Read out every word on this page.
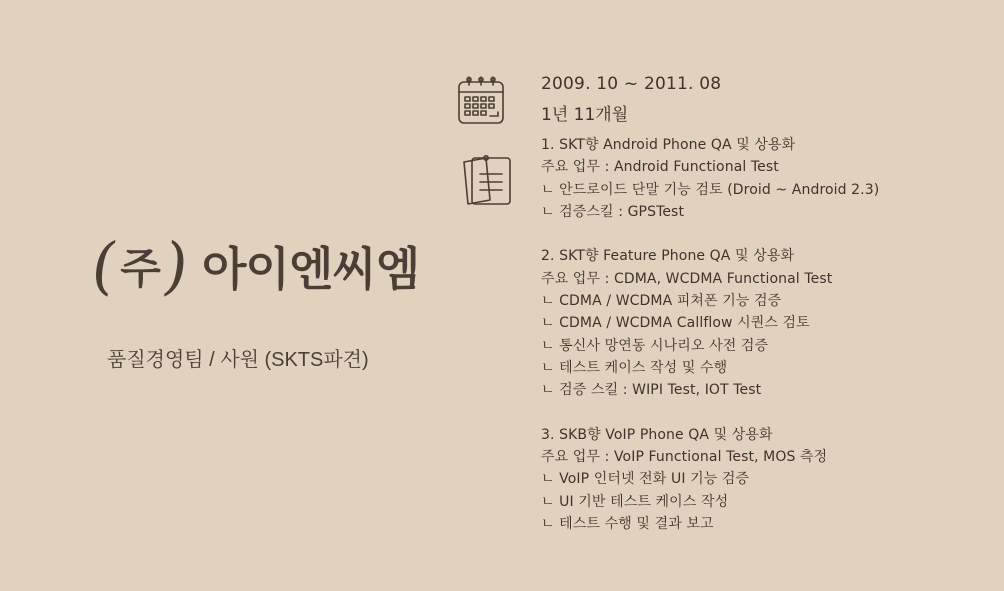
(
주
) 아이엔씨엠
품질경영팀 / 사원 (SKTS파견)
2009. 10 ~ 2011. 08
1년 11개월
1. SKT향 Android Phone QA 및 상용화
주요 업무 : Android Functional Test
ㄴ 안드로이드 단말 기능 검토 (Droid ~ Android 2.3)
ㄴ 검증스킬 : GPSTest
2. SKT향 Feature Phone QA 및 상용화
주요 업무 : CDMA, WCDMA Functional Test
ㄴ CDMA / WCDMA 피쳐폰 기능 검증
ㄴ CDMA / WCDMA Callflow 시퀀스 검토
ㄴ 통신사 망연동 시나리오 사전 검증
ㄴ 테스트 케이스 작성 및 수행
ㄴ 검증 스킬 : WIPI Test, IOT Test
3. SKB향 VoIP Phone QA 및 상용화
주요 업무 : VoIP Functional Test, MOS 측정
ㄴ VoIP 인터넷 전화 UI 기능 검증
ㄴ UI 기반 테스트 케이스 작성
ㄴ 테스트 수행 및 결과 보고
